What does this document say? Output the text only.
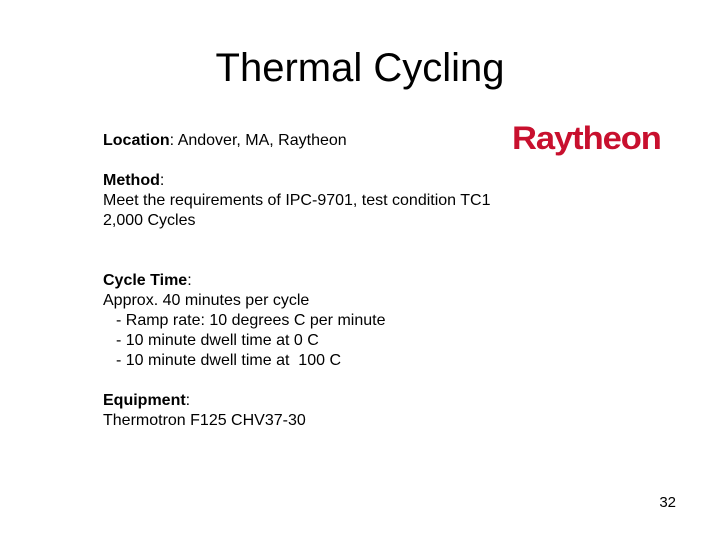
Thermal Cycling
Raytheon
Location: Andover, MA, Raytheon
Method:
Meet the requirements of IPC-9701, test condition TC1
2,000 Cycles
Cycle Time:
Approx. 40 minutes per cycle
- Ramp rate: 10 degrees C per minute
- 10 minute dwell time at 0 C
- 10 minute dwell time at  100 C
Equipment:
Thermotron F125 CHV37-30
32
